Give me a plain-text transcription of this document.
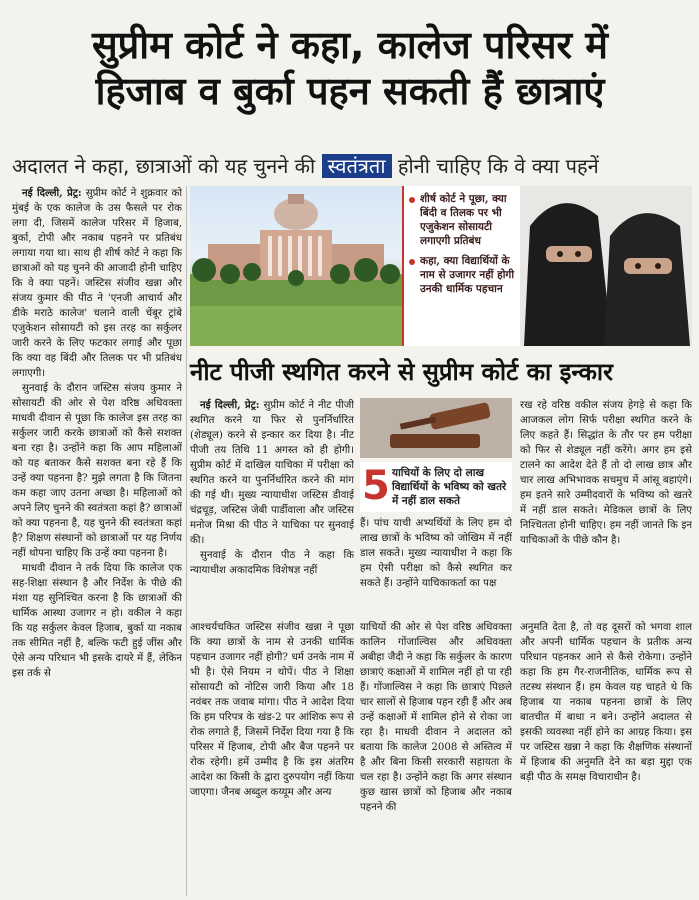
सुप्रीम कोर्ट ने कहा, कालेज परिसर में
हिजाब व बुर्का पहन सकती हैं छात्राएं
अदालत ने कहा, छात्राओं को यह चुनने की स्वतंत्रता होनी चाहिए कि वे क्या पहनें

नई दिल्ली, प्रेट्र: सुप्रीम कोर्ट ने शुक्रवार को मुंबई के एक कालेज के उस फैसले पर रोक लगा दी, जिसमें कालेज परिसर में हिजाब, बुर्का, टोपी और नकाब पहनने पर प्रतिबंध लगाया गया था। साथ ही शीर्ष कोर्ट ने कहा कि छात्राओं को यह चुनने की आजादी होनी चाहिए कि वे क्या पहनें। जस्टिस संजीव खन्ना और संजय कुमार की पीठ ने 'एनजी आचार्य और डीके मराठे कालेज' चलाने वाली चेंबूर ट्रांबे एजुकेशन सोसायटी को इस तरह का सर्कुलर जारी करने के लिए फटकार लगाई और पूछा कि क्या वह बिंदी और तिलक पर भी प्रतिबंध लगाएगी।

सुनवाई के दौरान जस्टिस संजय कुमार ने सोसायटी की ओर से पेश वरिष्ठ अधिवक्ता माधवी दीवान से पूछा कि कालेज इस तरह का सर्कुलर जारी करके छात्राओं को कैसे सशक्त बना रहा है। उन्होंने कहा कि आप महिलाओं को यह बताकर कैसे सशक्त बना रहे हैं कि उन्हें क्या पहनना है? मुझे लगता है कि जितना कम कहा जाए उतना अच्छा है। महिलाओं को अपने लिए चुनने की स्वतंत्रता कहां है? छात्राओं को क्या पहनना है, यह चुनने की स्वतंत्रता कहां है? शिक्षण संस्थानों को छात्राओं पर यह निर्णय नहीं थोपना चाहिए कि उन्हें क्या पहनना है।

माधवी दीवान ने तर्क दिया कि कालेज एक सह-शिक्षा संस्थान है और निर्देश के पीछे की मंशा यह सुनिश्चित करना है कि छात्राओं की धार्मिक आस्था उजागर न हो। वकील ने कहा कि यह सर्कुलर केवल हिजाब, बुर्का या नकाब तक सीमित नहीं है, बल्कि फटी हुई जींस और ऐसे अन्य परिधान भी इसके दायरे में हैं, लेकिन इस तर्क से

शीर्ष कोर्ट ने पूछा, क्या बिंदी व तिलक पर भी एजुकेशन सोसायटी लगाएगी प्रतिबंध
कहा, क्या विद्यार्थियों के नाम से उजागर नहीं होगी उनकी धार्मिक पहचान
नीट पीजी स्थगित करने से सुप्रीम कोर्ट का इन्कार

नई दिल्ली, प्रेट्र: सुप्रीम कोर्ट ने नीट पीजी स्थगित करने या फिर से पुनर्निर्धारित (शेड्यूल) करने से इन्कार कर दिया है। नीट पीजी तय तिथि 11 अगस्त को ही होगी। सुप्रीम कोर्ट में दाखिल याचिका में परीक्षा को स्थगित करने या पुनर्निर्धारित करने की मांग की गई थी। मुख्य न्यायाधीश जस्टिस डीवाई चंद्रचूड़, जस्टिस जेबी पार्डीवाला और जस्टिस मनोज मिश्रा की पीठ ने याचिका पर सुनवाई की।

सुनवाई के दौरान पीठ ने कहा कि न्यायाधीश अकादमिक विशेषज्ञ नहीं

5 याचियों के लिए दो लाख विद्यार्थियों के भविष्य को खतरे में नहीं डाल सकते

हैं। पांच याची अभ्यर्थियों के लिए हम दो लाख छात्रों के भविष्य को जोखिम में नहीं डाल सकते। मुख्य न्यायाधीश ने कहा कि हम ऐसी परीक्षा को कैसे स्थगित कर सकते हैं। उन्होंने याचिकाकर्ता का पक्ष

रख रहे वरिष्ठ वकील संजय हेगड़े से कहा कि आजकल लोग सिर्फ परीक्षा स्थगित करने के लिए कहते हैं। सिद्धांत के तौर पर हम परीक्षा को फिर से शेड्यूल नहीं करेंगे। अगर हम इसे टालने का आदेश देते हैं तो दो लाख छात्र और चार लाख अभिभावक सचमुच में आंसू बहाएंगे। हम इतने सारे उम्मीदवारों के भविष्य को खतरे में नहीं डाल सकते। मेडिकल छात्रों के लिए निश्चितता होनी चाहिए। हम नहीं जानते कि इन याचिकाओं के पीछे कौन है।

आश्चर्यचकित जस्टिस संजीव खन्ना ने पूछा कि क्या छात्रों के नाम से उनकी धार्मिक पहचान उजागर नहीं होगी? धर्म उनके नाम में भी है। ऐसे नियम न थोपें। पीठ ने शिक्षा सोसायटी को नोटिस जारी किया और 18 नवंबर तक जवाब मांगा। पीठ ने आदेश दिया कि हम परिपत्र के खंड-2 पर आंशिक रूप से रोक लगाते हैं, जिसमें निर्देश दिया गया है कि परिसर में हिजाब, टोपी और बैज पहनने पर रोक रहेगी। हमें उम्मीद है कि इस अंतरिम आदेश का किसी के द्वारा दुरुपयोग नहीं किया जाएगा। जैनब अब्दुल कय्यूम और अन्य

याचियों की ओर से पेश वरिष्ठ अधिवक्ता कालिन गोंजाल्विस और अधिवक्ता अबीहा जैदी ने कहा कि सर्कुलर के कारण छात्राएं कक्षाओं में शामिल नहीं हो पा रही हैं। गोंजाल्विस ने कहा कि छात्राएं पिछले चार सालों से हिजाब पहन रही हैं और अब उन्हें कक्षाओं में शामिल होने से रोका जा रहा है। माधवी दीवान ने अदालत को बताया कि कालेज 2008 से अस्तित्व में है और बिना किसी सरकारी सहायता के चल रहा है। उन्होंने कहा कि अगर संस्थान कुछ खास छात्रों को हिजाब और नकाब पहनने की

अनुमति देता है, तो वह दूसरों को भगवा शाल और अपनी धार्मिक पहचान के प्रतीक अन्य परिधान पहनकर आने से कैसे रोकेगा। उन्होंने कहा कि हम गैर-राजनीतिक, धार्मिक रूप से तटस्थ संस्थान हैं। हम केवल यह चाहते थे कि हिजाब या नकाब पहनना छात्रों के लिए बातचीत में बाधा न बने। उन्होंने अदालत से इसकी व्यवस्था नहीं होने का आग्रह किया। इस पर जस्टिस खन्ना ने कहा कि शैक्षणिक संस्थानों में हिजाब की अनुमति देने का बड़ा मुद्दा एक बड़ी पीठ के समक्ष विचाराधीन है।
